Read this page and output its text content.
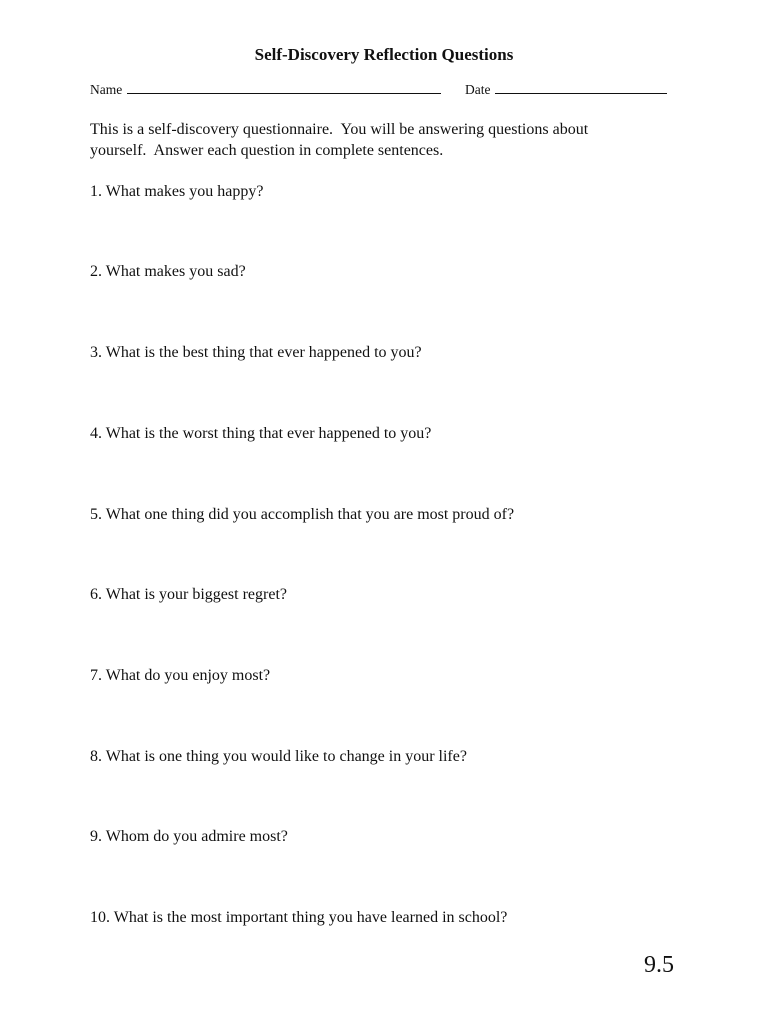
Self-Discovery Reflection Questions
Name	Date
This is a self-discovery questionnaire.  You will be answering questions about
yourself.  Answer each question in complete sentences.
1. What makes you happy?
2. What makes you sad?
3. What is the best thing that ever happened to you?
4. What is the worst thing that ever happened to you?
5. What one thing did you accomplish that you are most proud of?
6. What is your biggest regret?
7. What do you enjoy most?
8. What is one thing you would like to change in your life?
9. Whom do you admire most?
10. What is the most important thing you have learned in school?
9.5
